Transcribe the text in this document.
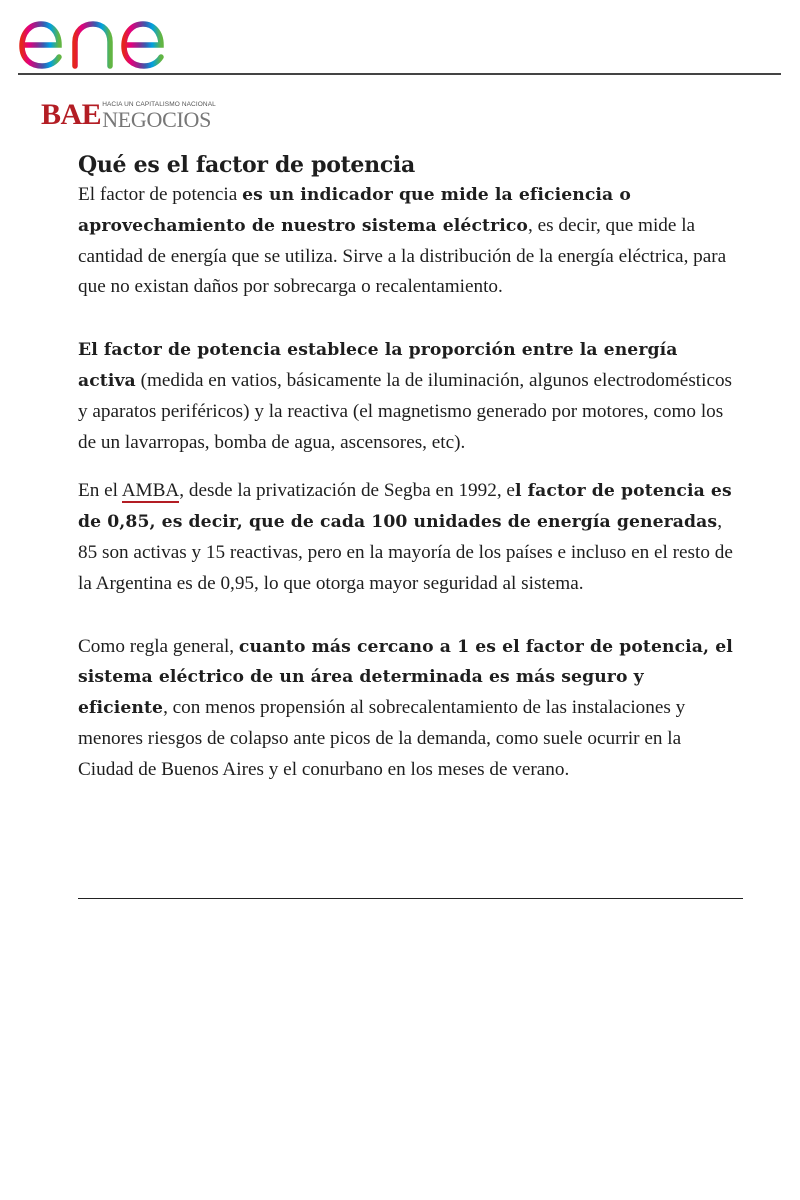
BAE HACIA UN CAPITALISMO NACIONAL
NEGOCIOS
Qué es el factor de potencia

El factor de potencia es un indicador que mide la eficiencia o aprovechamiento de nuestro sistema eléctrico, es decir, que mide la cantidad de energía que se utiliza. Sirve a la distribución de la energía eléctrica, para que no existan daños por sobrecarga o recalentamiento.

El factor de potencia establece la proporción entre la energía activa (medida en vatios, básicamente la de iluminación, algunos electrodomésticos y aparatos periféricos) y la reactiva (el magnetismo generado por motores, como los de un lavarropas, bomba de agua, ascensores, etc).

En el AMBA, desde la privatización de Segba en 1992, el factor de potencia es de 0,85, es decir, que de cada 100 unidades de energía generadas, 85 son activas y 15 reactivas, pero en la mayoría de los países e incluso en el resto de la Argentina es de 0,95, lo que otorga mayor seguridad al sistema.

Como regla general, cuanto más cercano a 1 es el factor de potencia, el sistema eléctrico de un área determinada es más seguro y eficiente, con menos propensión al sobrecalentamiento de las instalaciones y menores riesgos de colapso ante picos de la demanda, como suele ocurrir en la Ciudad de Buenos Aires y el conurbano en los meses de verano.
